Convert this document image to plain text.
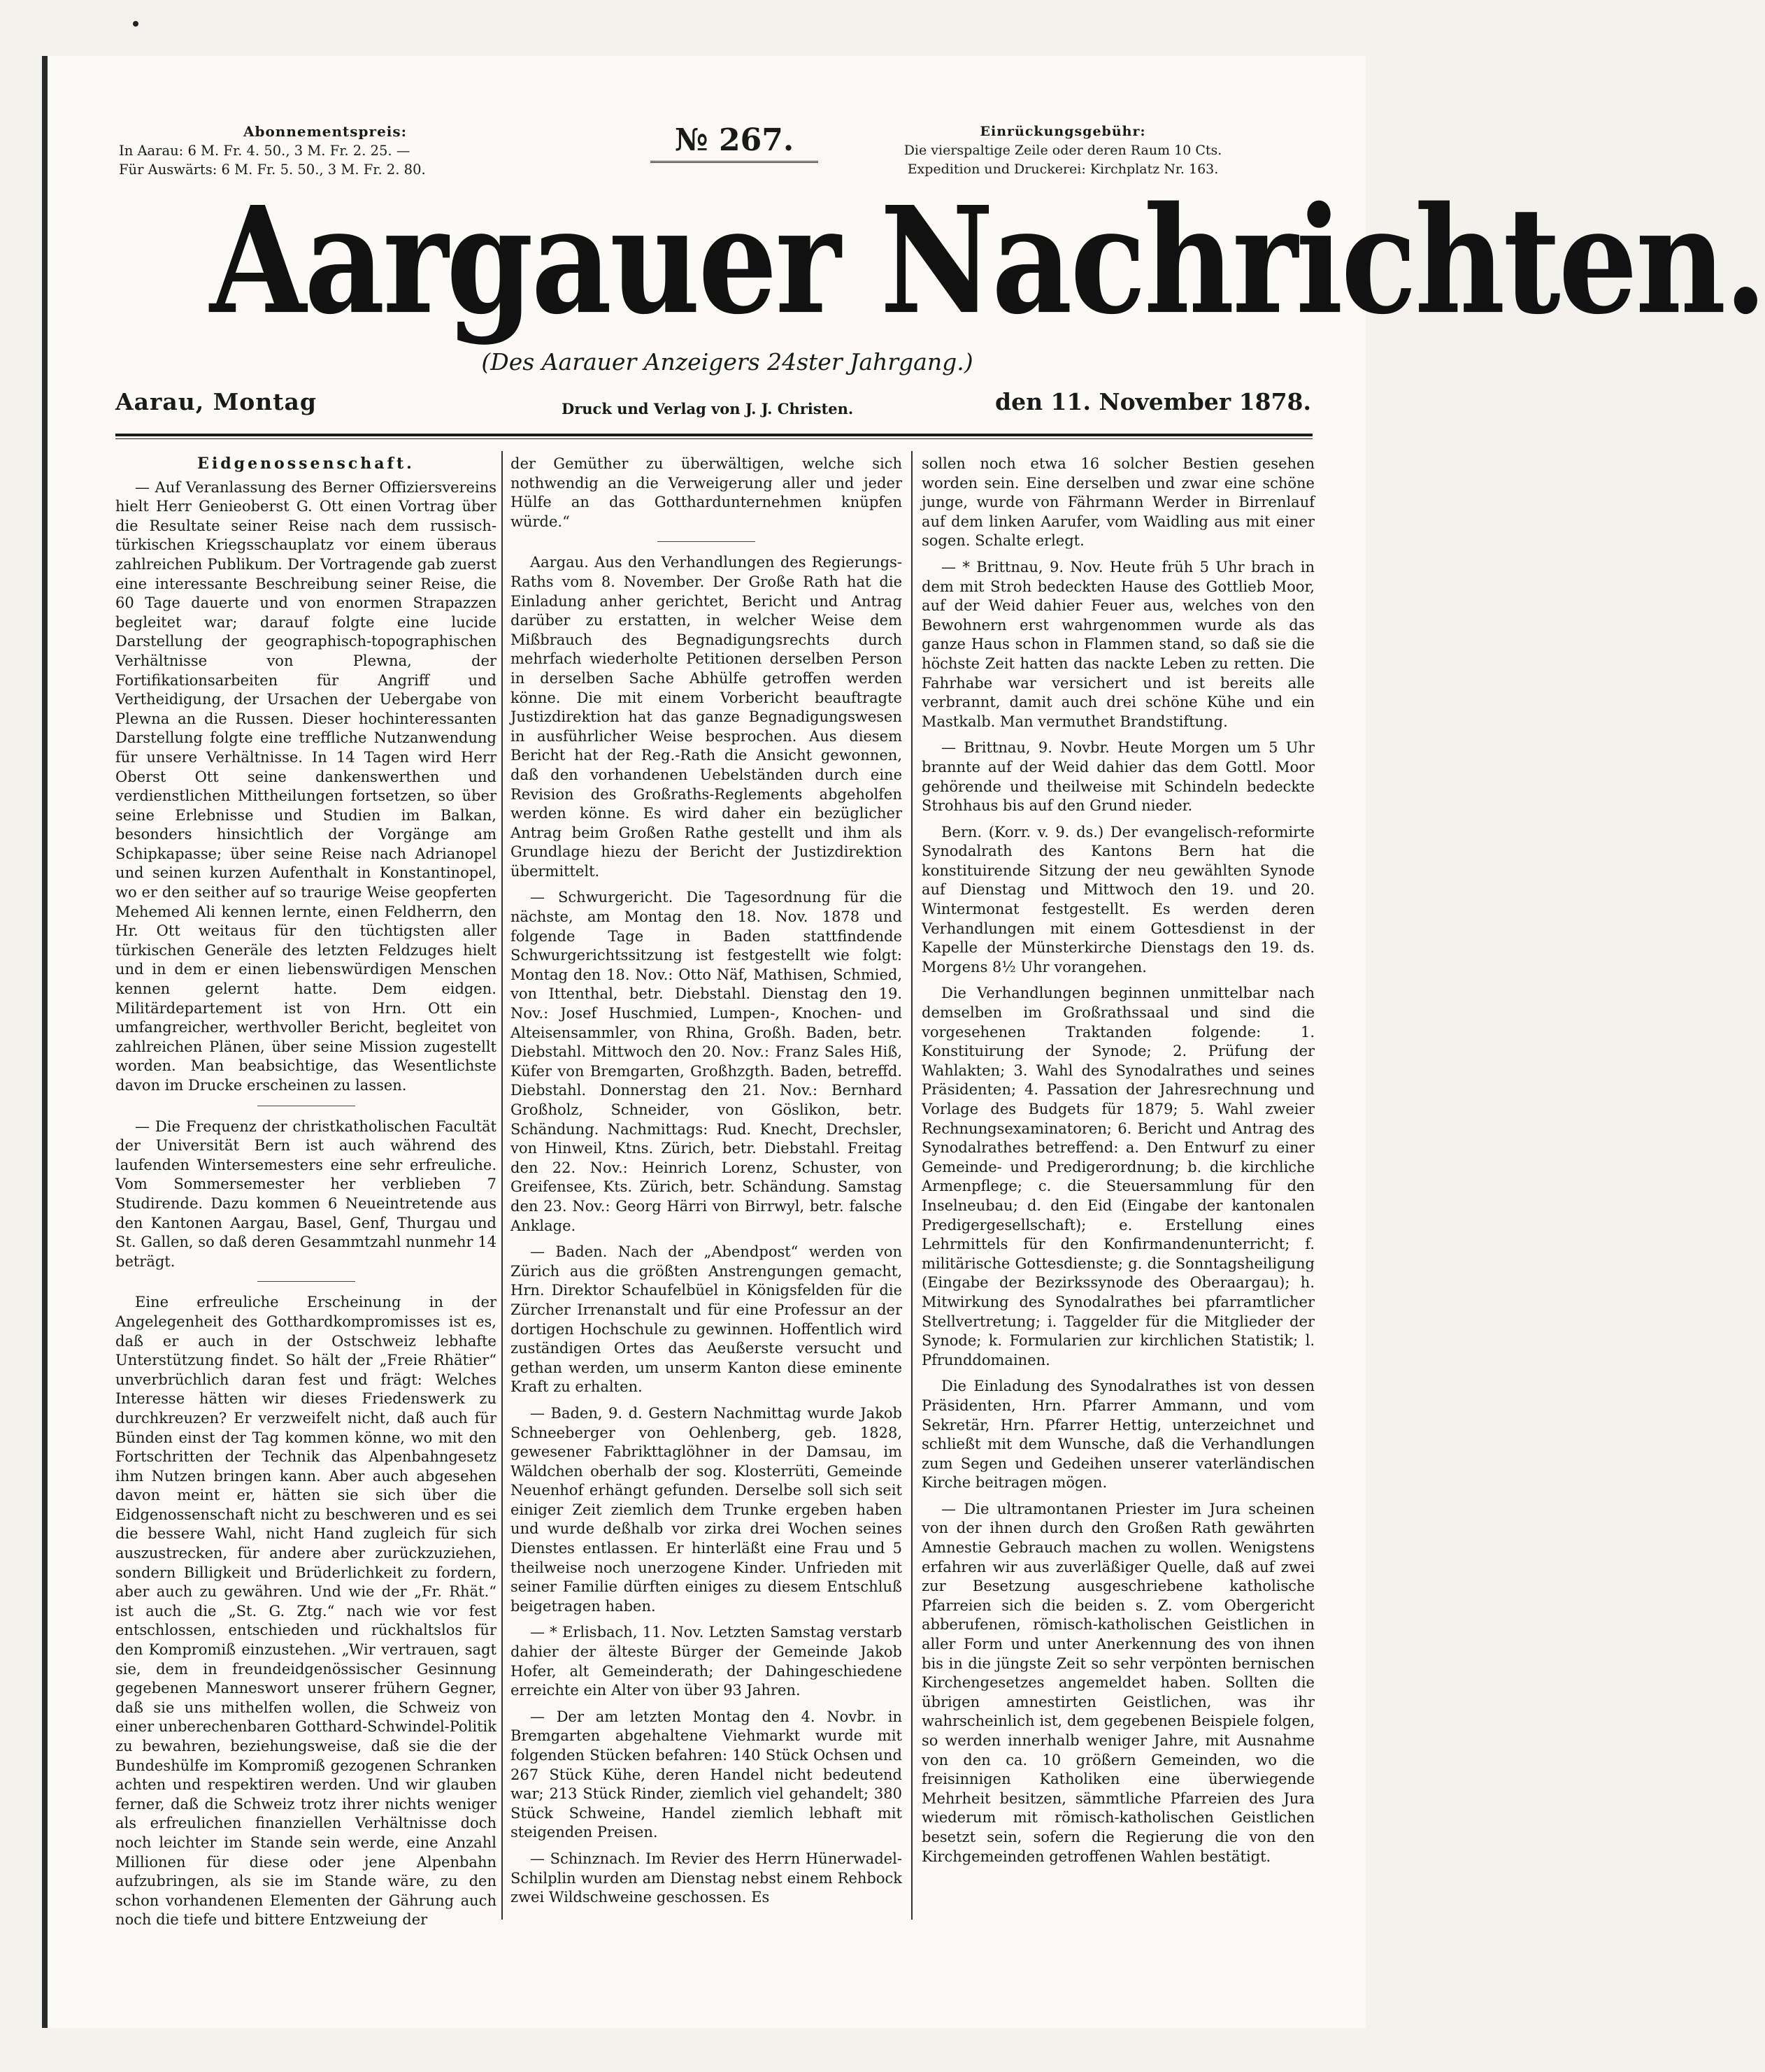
Abonnementspreis:
In Aarau: 6 M. Fr. 4. 50., 3 M. Fr. 2. 25. —
Für Auswärts: 6 M. Fr. 5. 50., 3 M. Fr. 2. 80.
№ 267.	Einrückungsgebühr:
Die vierspaltige Zeile oder deren Raum 10 Cts.
Expedition und Druckerei: Kirchplatz Nr. 163.
Aargauer Nachrichten.
(Des Aarauer Anzeigers 24ster Jahrgang.)
Aarau, Montag	Druck und Verlag von J. J. Christen.	den 11. November 1878.
Eidgenossenschaft.

— Auf Veranlassung des Berner Offiziersvereins hielt Herr Genieoberst G. Ott einen Vortrag über die Resultate seiner Reise nach dem russisch-türkischen Kriegsschauplatz vor einem überaus zahlreichen Publikum. Der Vortragende gab zuerst eine interessante Beschreibung seiner Reise, die 60 Tage dauerte und von enormen Strapazzen begleitet war; darauf folgte eine lucide Darstellung der geographisch-topographischen Verhältnisse von Plewna, der Fortifikationsarbeiten für Angriff und Vertheidigung, der Ursachen der Uebergabe von Plewna an die Russen. Dieser hochinteressanten Darstellung folgte eine treffliche Nutzanwendung für unsere Verhältnisse. In 14 Tagen wird Herr Oberst Ott seine dankenswerthen und verdienstlichen Mittheilungen fortsetzen, so über seine Erlebnisse und Studien im Balkan, besonders hinsichtlich der Vorgänge am Schipkapasse; über seine Reise nach Adrianopel und seinen kurzen Aufenthalt in Konstantinopel, wo er den seither auf so traurige Weise geopferten Mehemed Ali kennen lernte, einen Feldherrn, den Hr. Ott weitaus für den tüchtigsten aller türkischen Generäle des letzten Feldzuges hielt und in dem er einen liebenswürdigen Menschen kennen gelernt hatte. Dem eidgen. Militärdepartement ist von Hrn. Ott ein umfangreicher, werthvoller Bericht, begleitet von zahlreichen Plänen, über seine Mission zugestellt worden. Man beabsichtige, das Wesentlichste davon im Drucke erscheinen zu lassen.

— Die Frequenz der christkatholischen Facultät der Universität Bern ist auch während des laufenden Wintersemesters eine sehr erfreuliche. Vom Sommersemester her verblieben 7 Studirende. Dazu kommen 6 Neueintretende aus den Kantonen Aargau, Basel, Genf, Thurgau und St. Gallen, so daß deren Gesammtzahl nunmehr 14 beträgt.

Eine erfreuliche Erscheinung in der Angelegenheit des Gotthardkompromisses ist es, daß er auch in der Ostschweiz lebhafte Unterstützung findet. So hält der „Freie Rhätier“ unverbrüchlich daran fest und frägt: Welches Interesse hätten wir dieses Friedenswerk zu durchkreuzen? Er verzweifelt nicht, daß auch für Bünden einst der Tag kommen könne, wo mit den Fortschritten der Technik das Alpenbahngesetz ihm Nutzen bringen kann. Aber auch abgesehen davon meint er, hätten sie sich über die Eidgenossenschaft nicht zu beschweren und es sei die bessere Wahl, nicht Hand zugleich für sich auszustrecken, für andere aber zurückzuziehen, sondern Billigkeit und Brüderlichkeit zu fordern, aber auch zu gewähren. Und wie der „Fr. Rhät.“ ist auch die „St. G. Ztg.“ nach wie vor fest entschlossen, entschieden und rückhaltslos für den Kompromiß einzustehen. „Wir vertrauen, sagt sie, dem in freundeidgenössischer Gesinnung gegebenen Manneswort unserer frühern Gegner, daß sie uns mithelfen wollen, die Schweiz von einer unberechenbaren Gotthard-Schwindel-Politik zu bewahren, beziehungsweise, daß sie die der Bundeshülfe im Kompromiß gezogenen Schranken achten und respektiren werden. Und wir glauben ferner, daß die Schweiz trotz ihrer nichts weniger als erfreulichen finanziellen Verhältnisse doch noch leichter im Stande sein werde, eine Anzahl Millionen für diese oder jene Alpenbahn aufzubringen, als sie im Stande wäre, zu den schon vorhandenen Elementen der Gährung auch noch die tiefe und bittere Entzweiung der

der Gemüther zu überwältigen, welche sich nothwendig an die Verweigerung aller und jeder Hülfe an das Gotthardunternehmen knüpfen würde.“

Aargau. Aus den Verhandlungen des Regierungs-Raths vom 8. November. Der Große Rath hat die Einladung anher gerichtet, Bericht und Antrag darüber zu erstatten, in welcher Weise dem Mißbrauch des Begnadigungsrechts durch mehrfach wiederholte Petitionen derselben Person in derselben Sache Abhülfe getroffen werden könne. Die mit einem Vorbericht beauftragte Justizdirektion hat das ganze Begnadigungswesen in ausführlicher Weise besprochen. Aus diesem Bericht hat der Reg.-Rath die Ansicht gewonnen, daß den vorhandenen Uebelständen durch eine Revision des Großraths-Reglements abgeholfen werden könne. Es wird daher ein bezüglicher Antrag beim Großen Rathe gestellt und ihm als Grundlage hiezu der Bericht der Justizdirektion übermittelt.

— Schwurgericht. Die Tagesordnung für die nächste, am Montag den 18. Nov. 1878 und folgende Tage in Baden stattfindende Schwurgerichtssitzung ist festgestellt wie folgt: Montag den 18. Nov.: Otto Näf, Mathisen, Schmied, von Ittenthal, betr. Diebstahl. Dienstag den 19. Nov.: Josef Huschmied, Lumpen-, Knochen- und Alteisensammler, von Rhina, Großh. Baden, betr. Diebstahl. Mittwoch den 20. Nov.: Franz Sales Hiß, Küfer von Bremgarten, Großhzgth. Baden, betreffd. Diebstahl. Donnerstag den 21. Nov.: Bernhard Großholz, Schneider, von Göslikon, betr. Schändung. Nachmittags: Rud. Knecht, Drechsler, von Hinweil, Ktns. Zürich, betr. Diebstahl. Freitag den 22. Nov.: Heinrich Lorenz, Schuster, von Greifensee, Kts. Zürich, betr. Schändung. Samstag den 23. Nov.: Georg Härri von Birrwyl, betr. falsche Anklage.

— Baden. Nach der „Abendpost“ werden von Zürich aus die größten Anstrengungen gemacht, Hrn. Direktor Schaufelbüel in Königsfelden für die Zürcher Irrenanstalt und für eine Professur an der dortigen Hochschule zu gewinnen. Hoffentlich wird zuständigen Ortes das Aeußerste versucht und gethan werden, um unserm Kanton diese eminente Kraft zu erhalten.

— Baden, 9. d. Gestern Nachmittag wurde Jakob Schneeberger von Oehlenberg, geb. 1828, gewesener Fabrikttaglöhner in der Damsau, im Wäldchen oberhalb der sog. Klosterrüti, Gemeinde Neuenhof erhängt gefunden. Derselbe soll sich seit einiger Zeit ziemlich dem Trunke ergeben haben und wurde deßhalb vor zirka drei Wochen seines Dienstes entlassen. Er hinterläßt eine Frau und 5 theilweise noch unerzogene Kinder. Unfrieden mit seiner Familie dürften einiges zu diesem Entschluß beigetragen haben.

— * Erlisbach, 11. Nov. Letzten Samstag verstarb dahier der älteste Bürger der Gemeinde Jakob Hofer, alt Gemeinderath; der Dahingeschiedene erreichte ein Alter von über 93 Jahren.

— Der am letzten Montag den 4. Novbr. in Bremgarten abgehaltene Viehmarkt wurde mit folgenden Stücken befahren: 140 Stück Ochsen und 267 Stück Kühe, deren Handel nicht bedeutend war; 213 Stück Rinder, ziemlich viel gehandelt; 380 Stück Schweine, Handel ziemlich lebhaft mit steigenden Preisen.

— Schinznach. Im Revier des Herrn Hünerwadel-Schilplin wurden am Dienstag nebst einem Rehbock zwei Wildschweine geschossen. Es

sollen noch etwa 16 solcher Bestien gesehen worden sein. Eine derselben und zwar eine schöne junge, wurde von Fährmann Werder in Birrenlauf auf dem linken Aarufer, vom Waidling aus mit einer sogen. Schalte erlegt.

— * Brittnau, 9. Nov. Heute früh 5 Uhr brach in dem mit Stroh bedeckten Hause des Gottlieb Moor, auf der Weid dahier Feuer aus, welches von den Bewohnern erst wahrgenommen wurde als das ganze Haus schon in Flammen stand, so daß sie die höchste Zeit hatten das nackte Leben zu retten. Die Fahrhabe war versichert und ist bereits alle verbrannt, damit auch drei schöne Kühe und ein Mastkalb. Man vermuthet Brandstiftung.

— Brittnau, 9. Novbr. Heute Morgen um 5 Uhr brannte auf der Weid dahier das dem Gottl. Moor gehörende und theilweise mit Schindeln bedeckte Strohhaus bis auf den Grund nieder.

Bern. (Korr. v. 9. ds.) Der evangelisch-reformirte Synodalrath des Kantons Bern hat die konstituirende Sitzung der neu gewählten Synode auf Dienstag und Mittwoch den 19. und 20. Wintermonat festgestellt. Es werden deren Verhandlungen mit einem Gottesdienst in der Kapelle der Münsterkirche Dienstags den 19. ds. Morgens 8½ Uhr vorangehen.

Die Verhandlungen beginnen unmittelbar nach demselben im Großrathssaal und sind die vorgesehenen Traktanden folgende: 1. Konstituirung der Synode; 2. Prüfung der Wahlakten; 3. Wahl des Synodalrathes und seines Präsidenten; 4. Passation der Jahresrechnung und Vorlage des Budgets für 1879; 5. Wahl zweier Rechnungsexaminatoren; 6. Bericht und Antrag des Synodalrathes betreffend: a. Den Entwurf zu einer Gemeinde- und Predigerordnung; b. die kirchliche Armenpflege; c. die Steuersammlung für den Inselneubau; d. den Eid (Eingabe der kantonalen Predigergesellschaft); e. Erstellung eines Lehrmittels für den Konfirmandenunterricht; f. militärische Gottesdienste; g. die Sonntagsheiligung (Eingabe der Bezirkssynode des Oberaargau); h. Mitwirkung des Synodalrathes bei pfarramtlicher Stellvertretung; i. Taggelder für die Mitglieder der Synode; k. Formularien zur kirchlichen Statistik; l. Pfrunddomainen.

Die Einladung des Synodalrathes ist von dessen Präsidenten, Hrn. Pfarrer Ammann, und vom Sekretär, Hrn. Pfarrer Hettig, unterzeichnet und schließt mit dem Wunsche, daß die Verhandlungen zum Segen und Gedeihen unserer vaterländischen Kirche beitragen mögen.

— Die ultramontanen Priester im Jura scheinen von der ihnen durch den Großen Rath gewährten Amnestie Gebrauch machen zu wollen. Wenigstens erfahren wir aus zuverläßiger Quelle, daß auf zwei zur Besetzung ausgeschriebene katholische Pfarreien sich die beiden s. Z. vom Obergericht abberufenen, römisch-katholischen Geistlichen in aller Form und unter Anerkennung des von ihnen bis in die jüngste Zeit so sehr verpönten bernischen Kirchengesetzes angemeldet haben. Sollten die übrigen amnestirten Geistlichen, was ihr wahrscheinlich ist, dem gegebenen Beispiele folgen, so werden innerhalb weniger Jahre, mit Ausnahme von den ca. 10 größern Gemeinden, wo die freisinnigen Katholiken eine überwiegende Mehrheit besitzen, sämmtliche Pfarreien des Jura wiederum mit römisch-katholischen Geistlichen besetzt sein, sofern die Regierung die von den Kirchgemeinden getroffenen Wahlen bestätigt.
